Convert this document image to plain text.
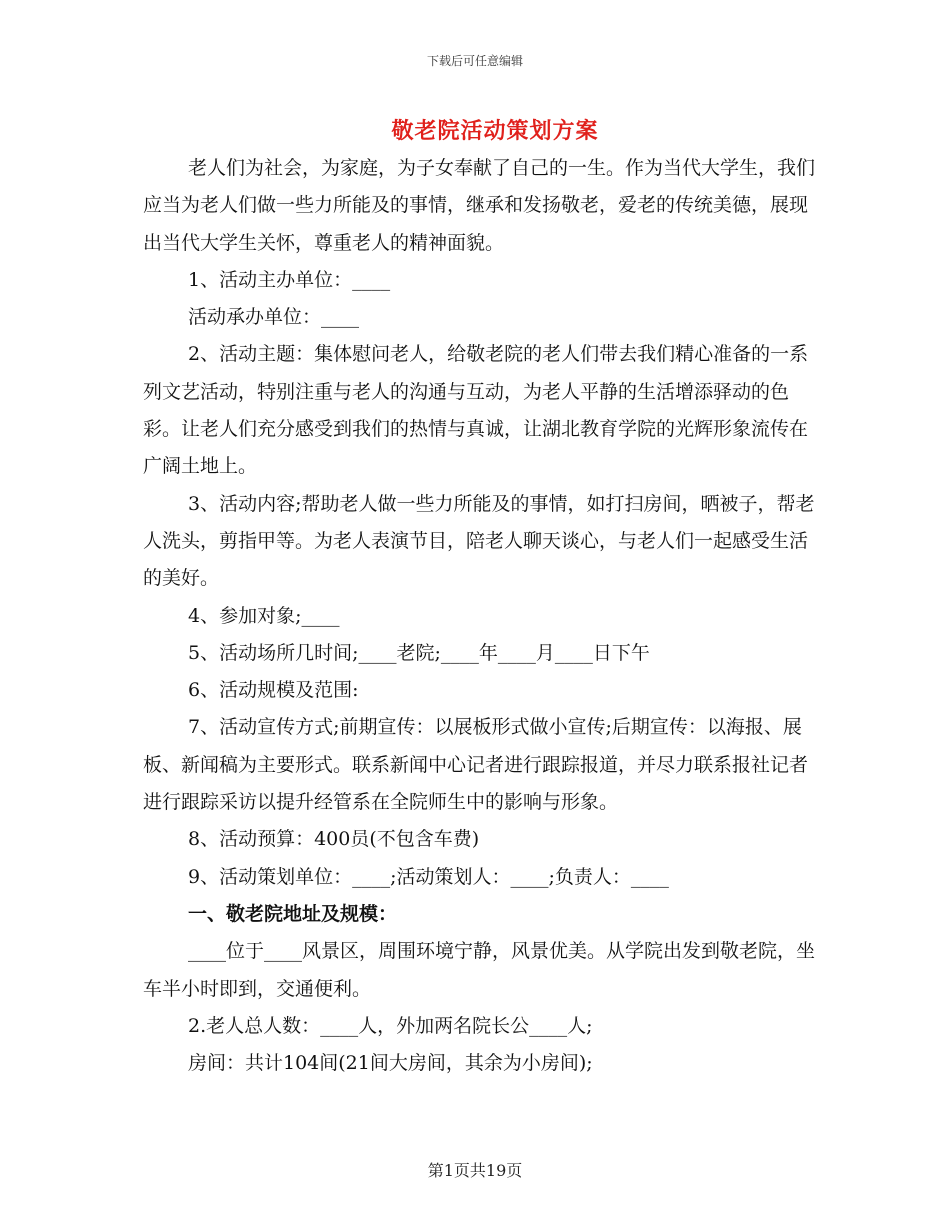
下载后可任意编辑
敬老院活动策划方案

老人们为社会，为家庭，为子女奉献了自己的一生。作为当代大学生，我们应当为老人们做一些力所能及的事情，继承和发扬敬老，爱老的传统美德，展现出当代大学生关怀，尊重老人的精神面貌。

1、活动主办单位：____

活动承办单位：____

2、活动主题：集体慰问老人，给敬老院的老人们带去我们精心准备的一系列文艺活动，特别注重与老人的沟通与互动，为老人平静的生活增添驿动的色彩。让老人们充分感受到我们的热情与真诚，让湖北教育学院的光辉形象流传在广阔土地上。

3、活动内容;帮助老人做一些力所能及的事情，如打扫房间，晒被子，帮老人洗头，剪指甲等。为老人表演节目，陪老人聊天谈心，与老人们一起感受生活的美好。

4、参加对象;____

5、活动场所几时间;____老院;____年____月____日下午

6、活动规模及范围:

7、活动宣传方式;前期宣传：以展板形式做小宣传;后期宣传：以海报、展板、新闻稿为主要形式。联系新闻中心记者进行跟踪报道，并尽力联系报社记者进行跟踪采访以提升经管系在全院师生中的影响与形象。

8、活动预算：400员(不包含车费)

9、活动策划单位：____;活动策划人：____;负责人：____

一、敬老院地址及规模：

____位于____风景区，周围环境宁静，风景优美。从学院出发到敬老院，坐车半小时即到，交通便利。

2.老人总人数：____人，外加两名院长公____人;

房间：共计104间(21间大房间，其余为小房间);

第1页共19页
